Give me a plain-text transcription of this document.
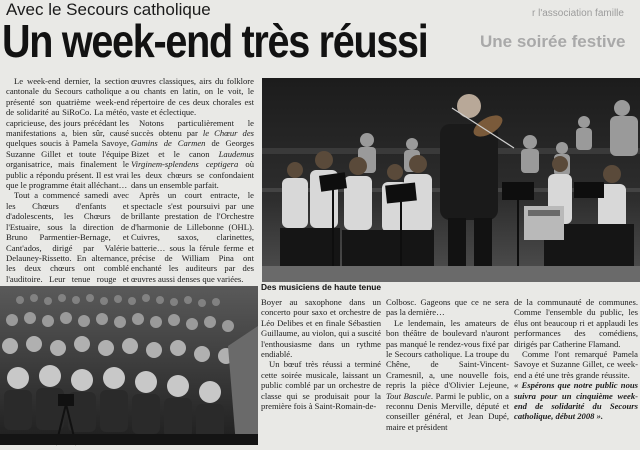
Avec le Secours catholique
Un week-end très réussi
r l'association famille
Une soirée festive

Le week-end dernier, la section cantonale du Secours catholique a présenté son quatrième week-end de solidarité au SiRoCo. La météo, capricieuse, des jours précédant les manifestations a, bien sûr, causé quelques soucis à Pamela Savoye, Suzanne Gillet et toute l'équipe organisatrice, mais finalement le public a répondu présent. Il est vrai que le programme était alléchant…

Tout a commencé samedi avec les Chœurs d'enfants et d'adolescents, les Chœurs de l'Estuaire, sous la direction de Bruno Parmentier-Bernage, et Cant'ados, dirigé par Valérie Delauney-Rissetto. En alternance, les deux chœurs ont comblé l'auditoire. Leur tenue rouge et

œuvres classiques, airs du folklore ou chants en latin, on le voit, le répertoire de ces deux chorales est vaste et éclectique.

Notons particulièrement le succès obtenu par le Chœur des Gamins de Carmen de Georges Bizet et le canon Laudemus Virginem-splendens ceptigera où les deux chœurs se confondaient dans un ensemble parfait.

Après un court entracte, le spectacle s'est poursuivi par une brillante prestation de l'Orchestre d'harmonie de Lillebonne (OHL). Cuivres, saxos, clarinettes, batterie… sous la férule ferme et précise de William Pina ont enchanté les auditeurs par des œuvres aussi denses que variées.

Des musiciens de haute tenue

Boyer au saxophone dans un concerto pour saxo et orchestre de Léo Delibes et en finale Sébastien Guillaume, au violon, qui a suscité l'enthousiasme dans un rythme endiablé.

Un bœuf très réussi a terminé cette soirée musicale, laissant un public comblé par un orchestre de classe qui se produisait pour la première fois à Saint-Romain-de-

Colbosc. Gageons que ce ne sera pas la dernière…

Le lendemain, les amateurs de bon théâtre de boulevard n'auront pas manqué le rendez-vous fixé par le Secours catholique. La troupe du Chêne, de Saint-Vincent-Cramesnil, a, une nouvelle fois, repris la pièce d'Olivier Lejeune, Tout Bascule. Parmi le public, on a reconnu Denis Merville, député et conseiller général, et Jean Dupé, maire et président

de la communauté de communes. Comme l'ensemble du public, les élus ont beaucoup ri et applaudi les performances des comédiens, dirigés par Catherine Flamand.

Comme l'ont remarqué Pamela Savoye et Suzanne Gillet, ce week-end a été une très grande réussite.

« Espérons que notre public nous suivra pour un cinquième week-end de solidarité du Secours catholique, début 2008 ».
